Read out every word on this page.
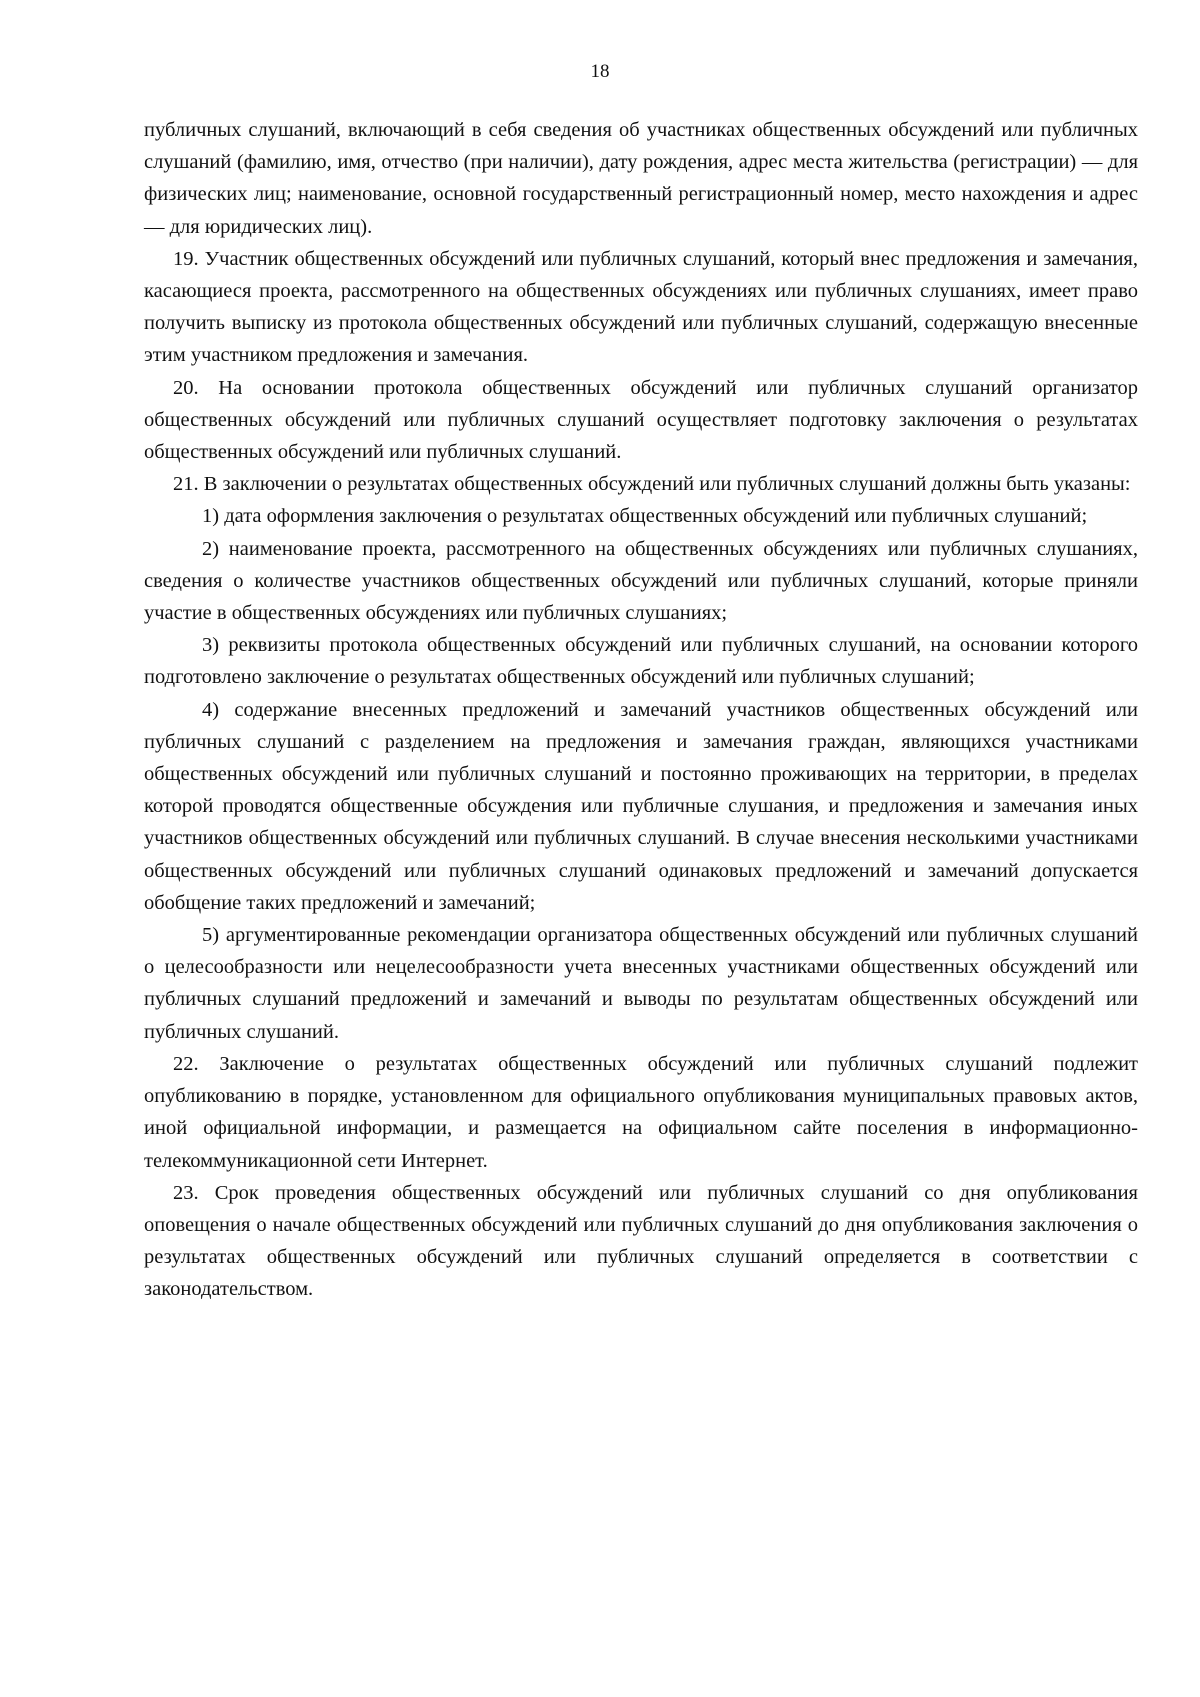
18

публичных слушаний, включающий в себя сведения об участниках общественных обсуждений или публичных слушаний (фамилию, имя, отчество (при наличии), дату рождения, адрес места жительства (регистрации) — для физических лиц; наименование, основной государственный регистрационный номер, место нахождения и адрес — для юридических лиц).

19. Участник общественных обсуждений или публичных слушаний, который внес предложения и замечания, касающиеся проекта, рассмотренного на общественных обсуждениях или публичных слушаниях, имеет право получить выписку из протокола общественных обсуждений или публичных слушаний, содержащую внесенные этим участником предложения и замечания.

20. На основании протокола общественных обсуждений или публичных слушаний организатор общественных обсуждений или публичных слушаний осуществляет подготовку заключения о результатах общественных обсуждений или публичных слушаний.

21. В заключении о результатах общественных обсуждений или публичных слушаний должны быть указаны:

1) дата оформления заключения о результатах общественных обсуждений или публичных слушаний;

2) наименование проекта, рассмотренного на общественных обсуждениях или публичных слушаниях, сведения о количестве участников общественных обсуждений или публичных слушаний, которые приняли участие в общественных обсуждениях или публичных слушаниях;

3) реквизиты протокола общественных обсуждений или публичных слушаний, на основании которого подготовлено заключение о результатах общественных обсуждений или публичных слушаний;

4) содержание внесенных предложений и замечаний участников общественных обсуждений или публичных слушаний с разделением на предложения и замечания граждан, являющихся участниками общественных обсуждений или публичных слушаний и постоянно проживающих на территории, в пределах которой проводятся общественные обсуждения или публичные слушания, и предложения и замечания иных участников общественных обсуждений или публичных слушаний. В случае внесения несколькими участниками общественных обсуждений или публичных слушаний одинаковых предложений и замечаний допускается обобщение таких предложений и замечаний;

5) аргументированные рекомендации организатора общественных обсуждений или публичных слушаний о целесообразности или нецелесообразности учета внесенных участниками общественных обсуждений или публичных слушаний предложений и замечаний и выводы по результатам общественных обсуждений или публичных слушаний.

22. Заключение о результатах общественных обсуждений или публичных слушаний подлежит опубликованию в порядке, установленном для официального опубликования муниципальных правовых актов, иной официальной информации, и размещается на официальном сайте поселения в информационно-телекоммуникационной сети Интернет.

23. Срок проведения общественных обсуждений или публичных слушаний со дня опубликования оповещения о начале общественных обсуждений или публичных слушаний до дня опубликования заключения о результатах общественных обсуждений или публичных слушаний определяется в соответствии с законодательством.
